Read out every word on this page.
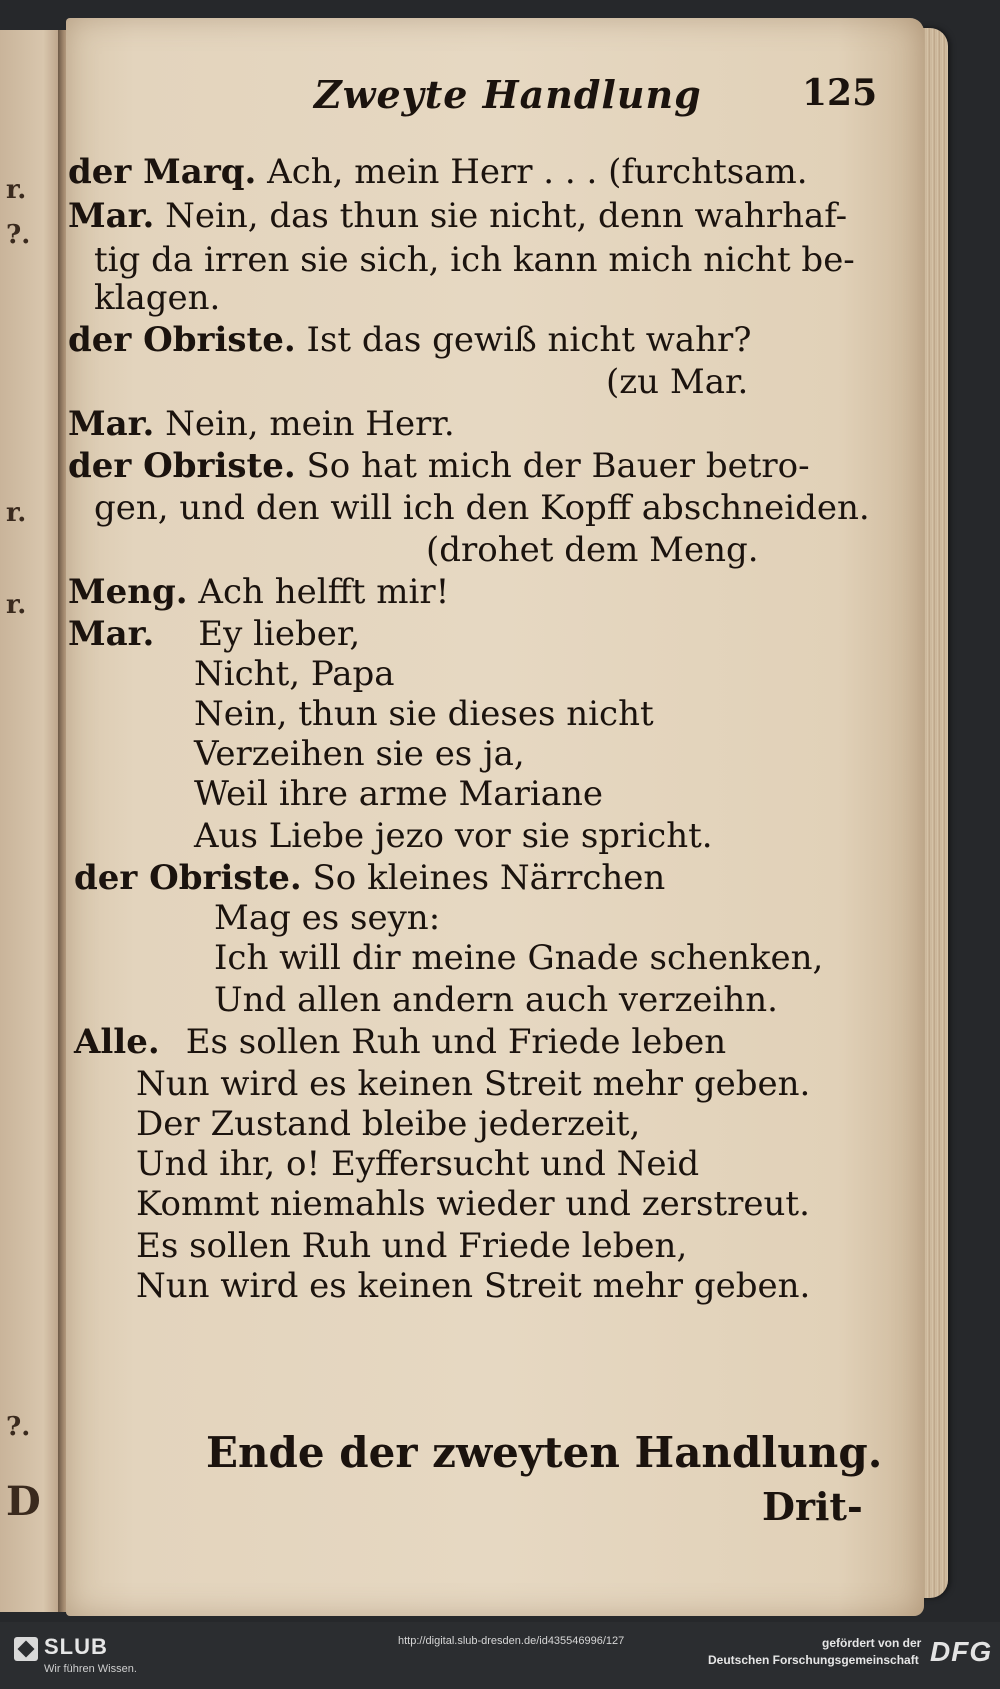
r.
?.
r.
r.
?.
D
Zweyte Handlung	125
der Marq. Ach, mein Herr . . . (furchtsam.
Mar. Nein, das thun sie nicht, denn wahrhaf-
tig da irren sie sich, ich kann mich nicht be-
klagen.
der Obriste. Ist das gewiß nicht wahr?
(zu Mar.
Mar. Nein, mein Herr.
der Obriste. So hat mich der Bauer betro-
gen, und den will ich den Kopff abschneiden.
(drohet dem Meng.
Meng. Ach helfft mir!
Mar. Ey lieber,
Nicht, Papa
Nein, thun sie dieses nicht
Verzeihen sie es ja,
Weil ihre arme Mariane
Aus Liebe jezo vor sie spricht.
der Obriste. So kleines Närrchen
Mag es seyn:
Ich will dir meine Gnade schenken,
Und allen andern auch verzeihn.
Alle. Es sollen Ruh und Friede leben
Nun wird es keinen Streit mehr geben.
Der Zustand bleibe jederzeit,
Und ihr, o! Eyffersucht und Neid
Kommt niemahls wieder und zerstreut.
Es sollen Ruh und Friede leben,
Nun wird es keinen Streit mehr geben.
Ende der zweyten Handlung.
Drit-
SLUB
Wir führen Wissen.
http://digital.slub-dresden.de/id435546996/127	gefördert von der
Deutschen Forschungsgemeinschaft DFG
